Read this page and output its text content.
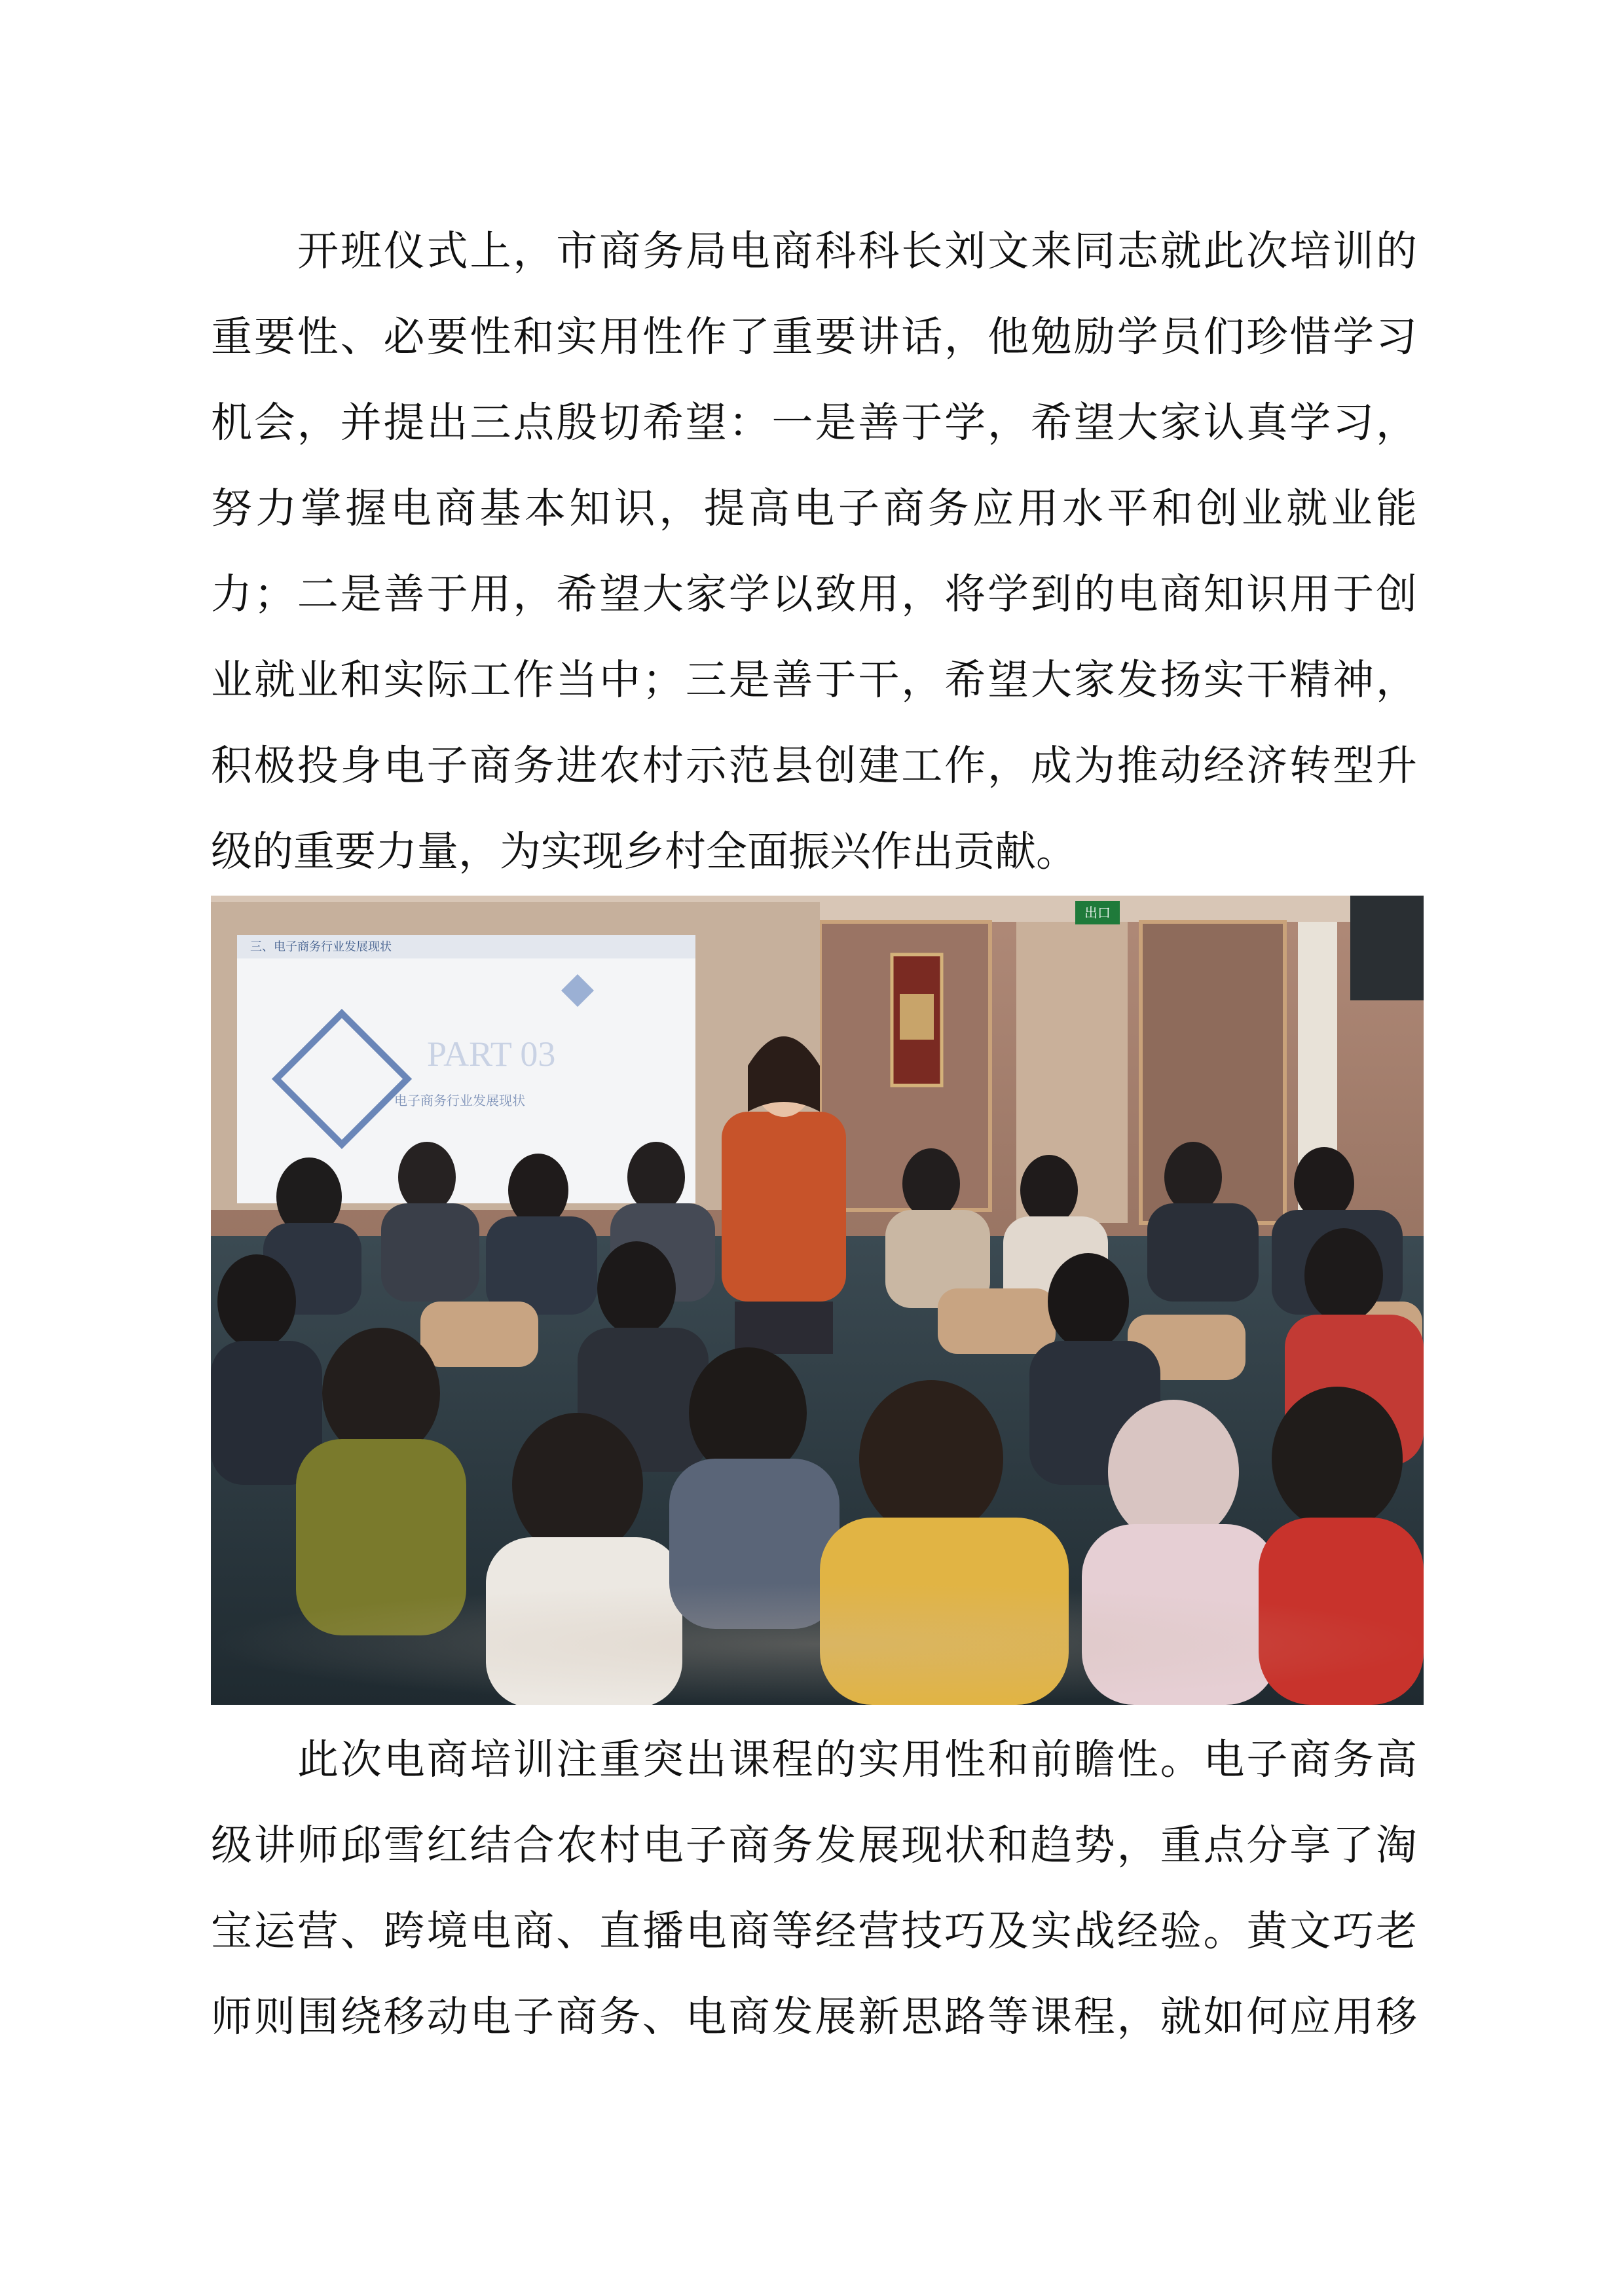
开班仪式上，市商务局电商科科长刘文来同志就此次培训的
重要性、必要性和实用性作了重要讲话，他勉励学员们珍惜学习
机会，并提出三点殷切希望：一是善于学，希望大家认真学习，
努力掌握电商基本知识，提高电子商务应用水平和创业就业能
力；二是善于用，希望大家学以致用，将学到的电商知识用于创
业就业和实际工作当中；三是善于干，希望大家发扬实干精神，
积极投身电子商务进农村示范县创建工作，成为推动经济转型升
级的重要力量，为实现乡村全面振兴作出贡献。
出口
三、电子商务行业发展现状
PART 03
电子商务行业发展现状
此次电商培训注重突出课程的实用性和前瞻性。电子商务高
级讲师邱雪红结合农村电子商务发展现状和趋势，重点分享了淘
宝运营、跨境电商、直播电商等经营技巧及实战经验。黄文巧老
师则围绕移动电子商务、电商发展新思路等课程，就如何应用移
